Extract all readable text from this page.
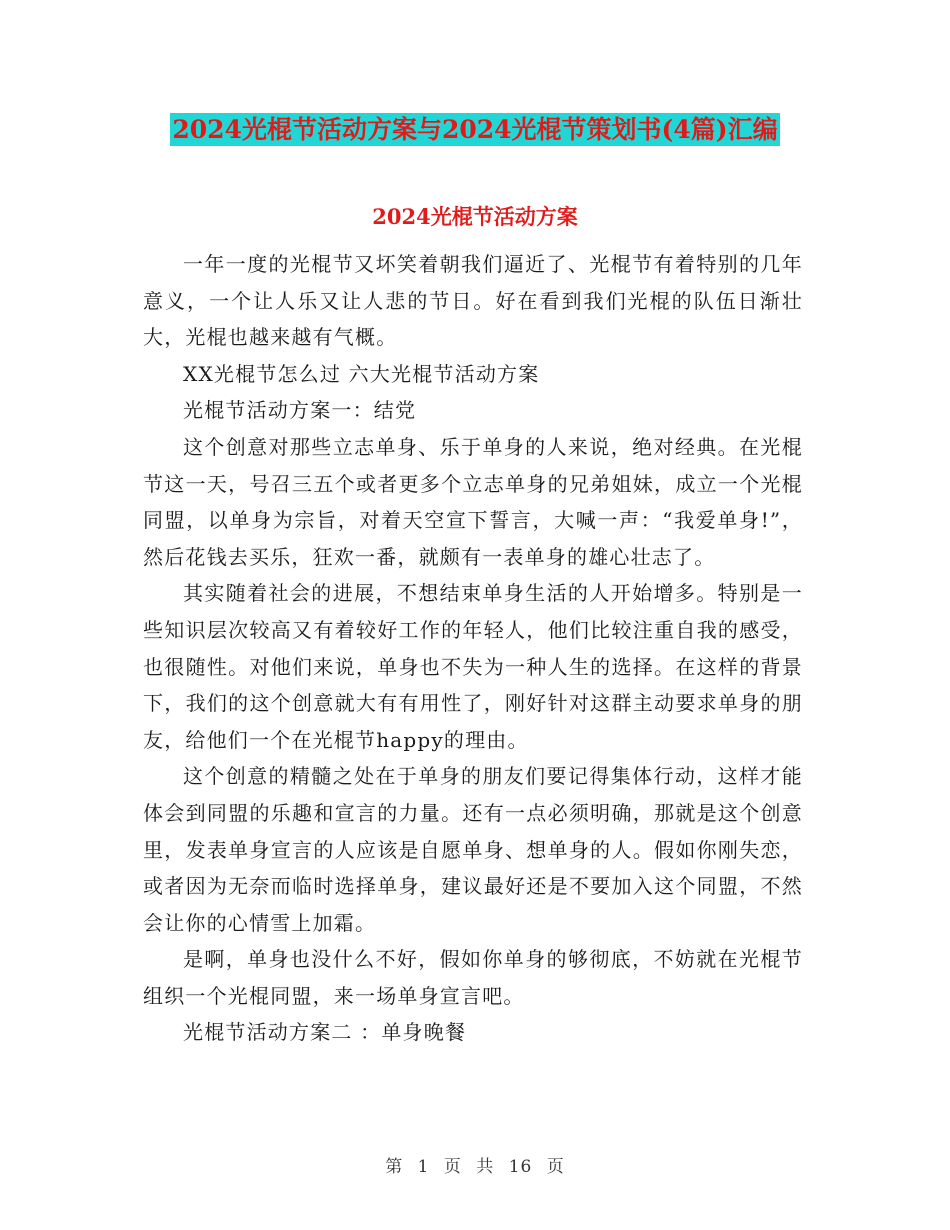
2024光棍节活动方案与2024光棍节策划书(4篇)汇编
2024光棍节活动方案

一年一度的光棍节又坏笑着朝我们逼近了、光棍节有着特别的几年意义，一个让人乐又让人悲的节日。好在看到我们光棍的队伍日渐壮大，光棍也越来越有气概。

XX光棍节怎么过 六大光棍节活动方案

光棍节活动方案一：结党

这个创意对那些立志单身、乐于单身的人来说，绝对经典。在光棍节这一天，号召三五个或者更多个立志单身的兄弟姐妹，成立一个光棍同盟，以单身为宗旨，对着天空宣下誓言，大喊一声：“我爱单身!”，然后花钱去买乐，狂欢一番，就颇有一表单身的雄心壮志了。

其实随着社会的进展，不想结束单身生活的人开始增多。特别是一些知识层次较高又有着较好工作的年轻人，他们比较注重自我的感受，也很随性。对他们来说，单身也不失为一种人生的选择。在这样的背景下，我们的这个创意就大有有用性了，刚好针对这群主动要求单身的朋友，给他们一个在光棍节happy的理由。

这个创意的精髓之处在于单身的朋友们要记得集体行动，这样才能体会到同盟的乐趣和宣言的力量。还有一点必须明确，那就是这个创意里，发表单身宣言的人应该是自愿单身、想单身的人。假如你刚失恋，或者因为无奈而临时选择单身，建议最好还是不要加入这个同盟，不然会让你的心情雪上加霜。

是啊，单身也没什么不好，假如你单身的够彻底，不妨就在光棍节组织一个光棍同盟，来一场单身宣言吧。

光棍节活动方案二 ：单身晚餐

第 1 页 共 16 页
